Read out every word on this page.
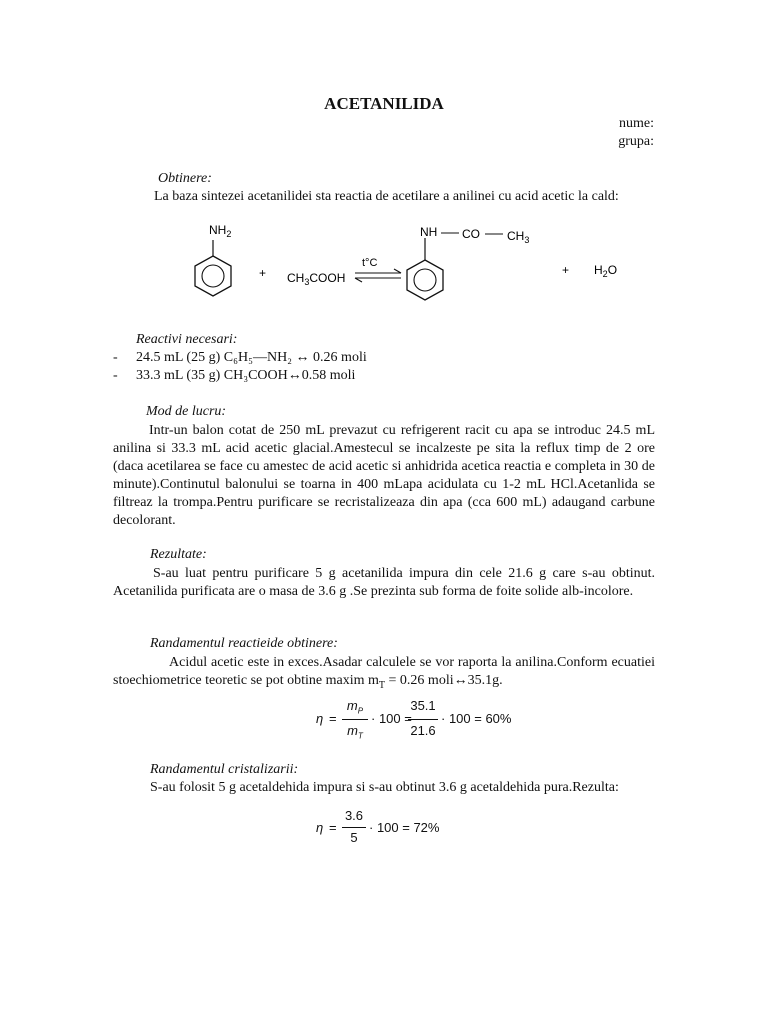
ACETANILIDA
nume:
grupa:
Obtinere:
La baza sintezei acetanilidei sta reactia de acetilare a anilinei cu acid acetic la cald:
$NH_2$
+ $CH_3COOH$
t°C
NH CO $CH_3$
+ $H_2O$
Reactivi necesari:
- 24.5 mL (25 g) C₆H₅—NH₂ ↔ 0.26 moli
- 33.3 mL (35 g) CH₃COOH↔0.58 moli
Mod de lucru:
Intr-un balon cotat de 250 mL prevazut cu refrigerent racit cu apa se introduc 24.5 mL anilina si 33.3 mL acid acetic glacial.Amestecul se incalzeste pe sita la reflux timp de 2 ore (daca acetilarea se face cu amestec de acid acetic si anhidrida acetica reactia e completa in 30 de minute).Continutul balonului se toarna in 400 mLapa acidulata cu 1-2 mL HCl.Acetanlida se filtreaz la trompa.Pentru purificare se recristalizeaza din apa (cca 600 mL) adaugand carbune decolorant.
Rezultate:
S-au luat pentru purificare 5 g acetanilida impura din cele 21.6 g care s-au obtinut. Acetanilida purificata are o masa de 3.6 g .Se prezinta sub forma de foite solide alb-incolore.
Randamentul reactieide obtinere:
Acidul acetic este in exces.Asadar calculele se vor raporta la anilina.Conform ecuatiei stoechiometrice teoretic se pot obtine maxim $m_T = 0.26$ moli↔35.1g.
η =
$m_P$
$m_T$
· 100 =
35.1
21.6
· 100 = 60%
Randamentul cristalizarii:
S-au folosit 5 g acetaldehida impura si s-au obtinut 3.6 g acetaldehida pura.Rezulta:
η =
3.6
5
· 100 = 72%
